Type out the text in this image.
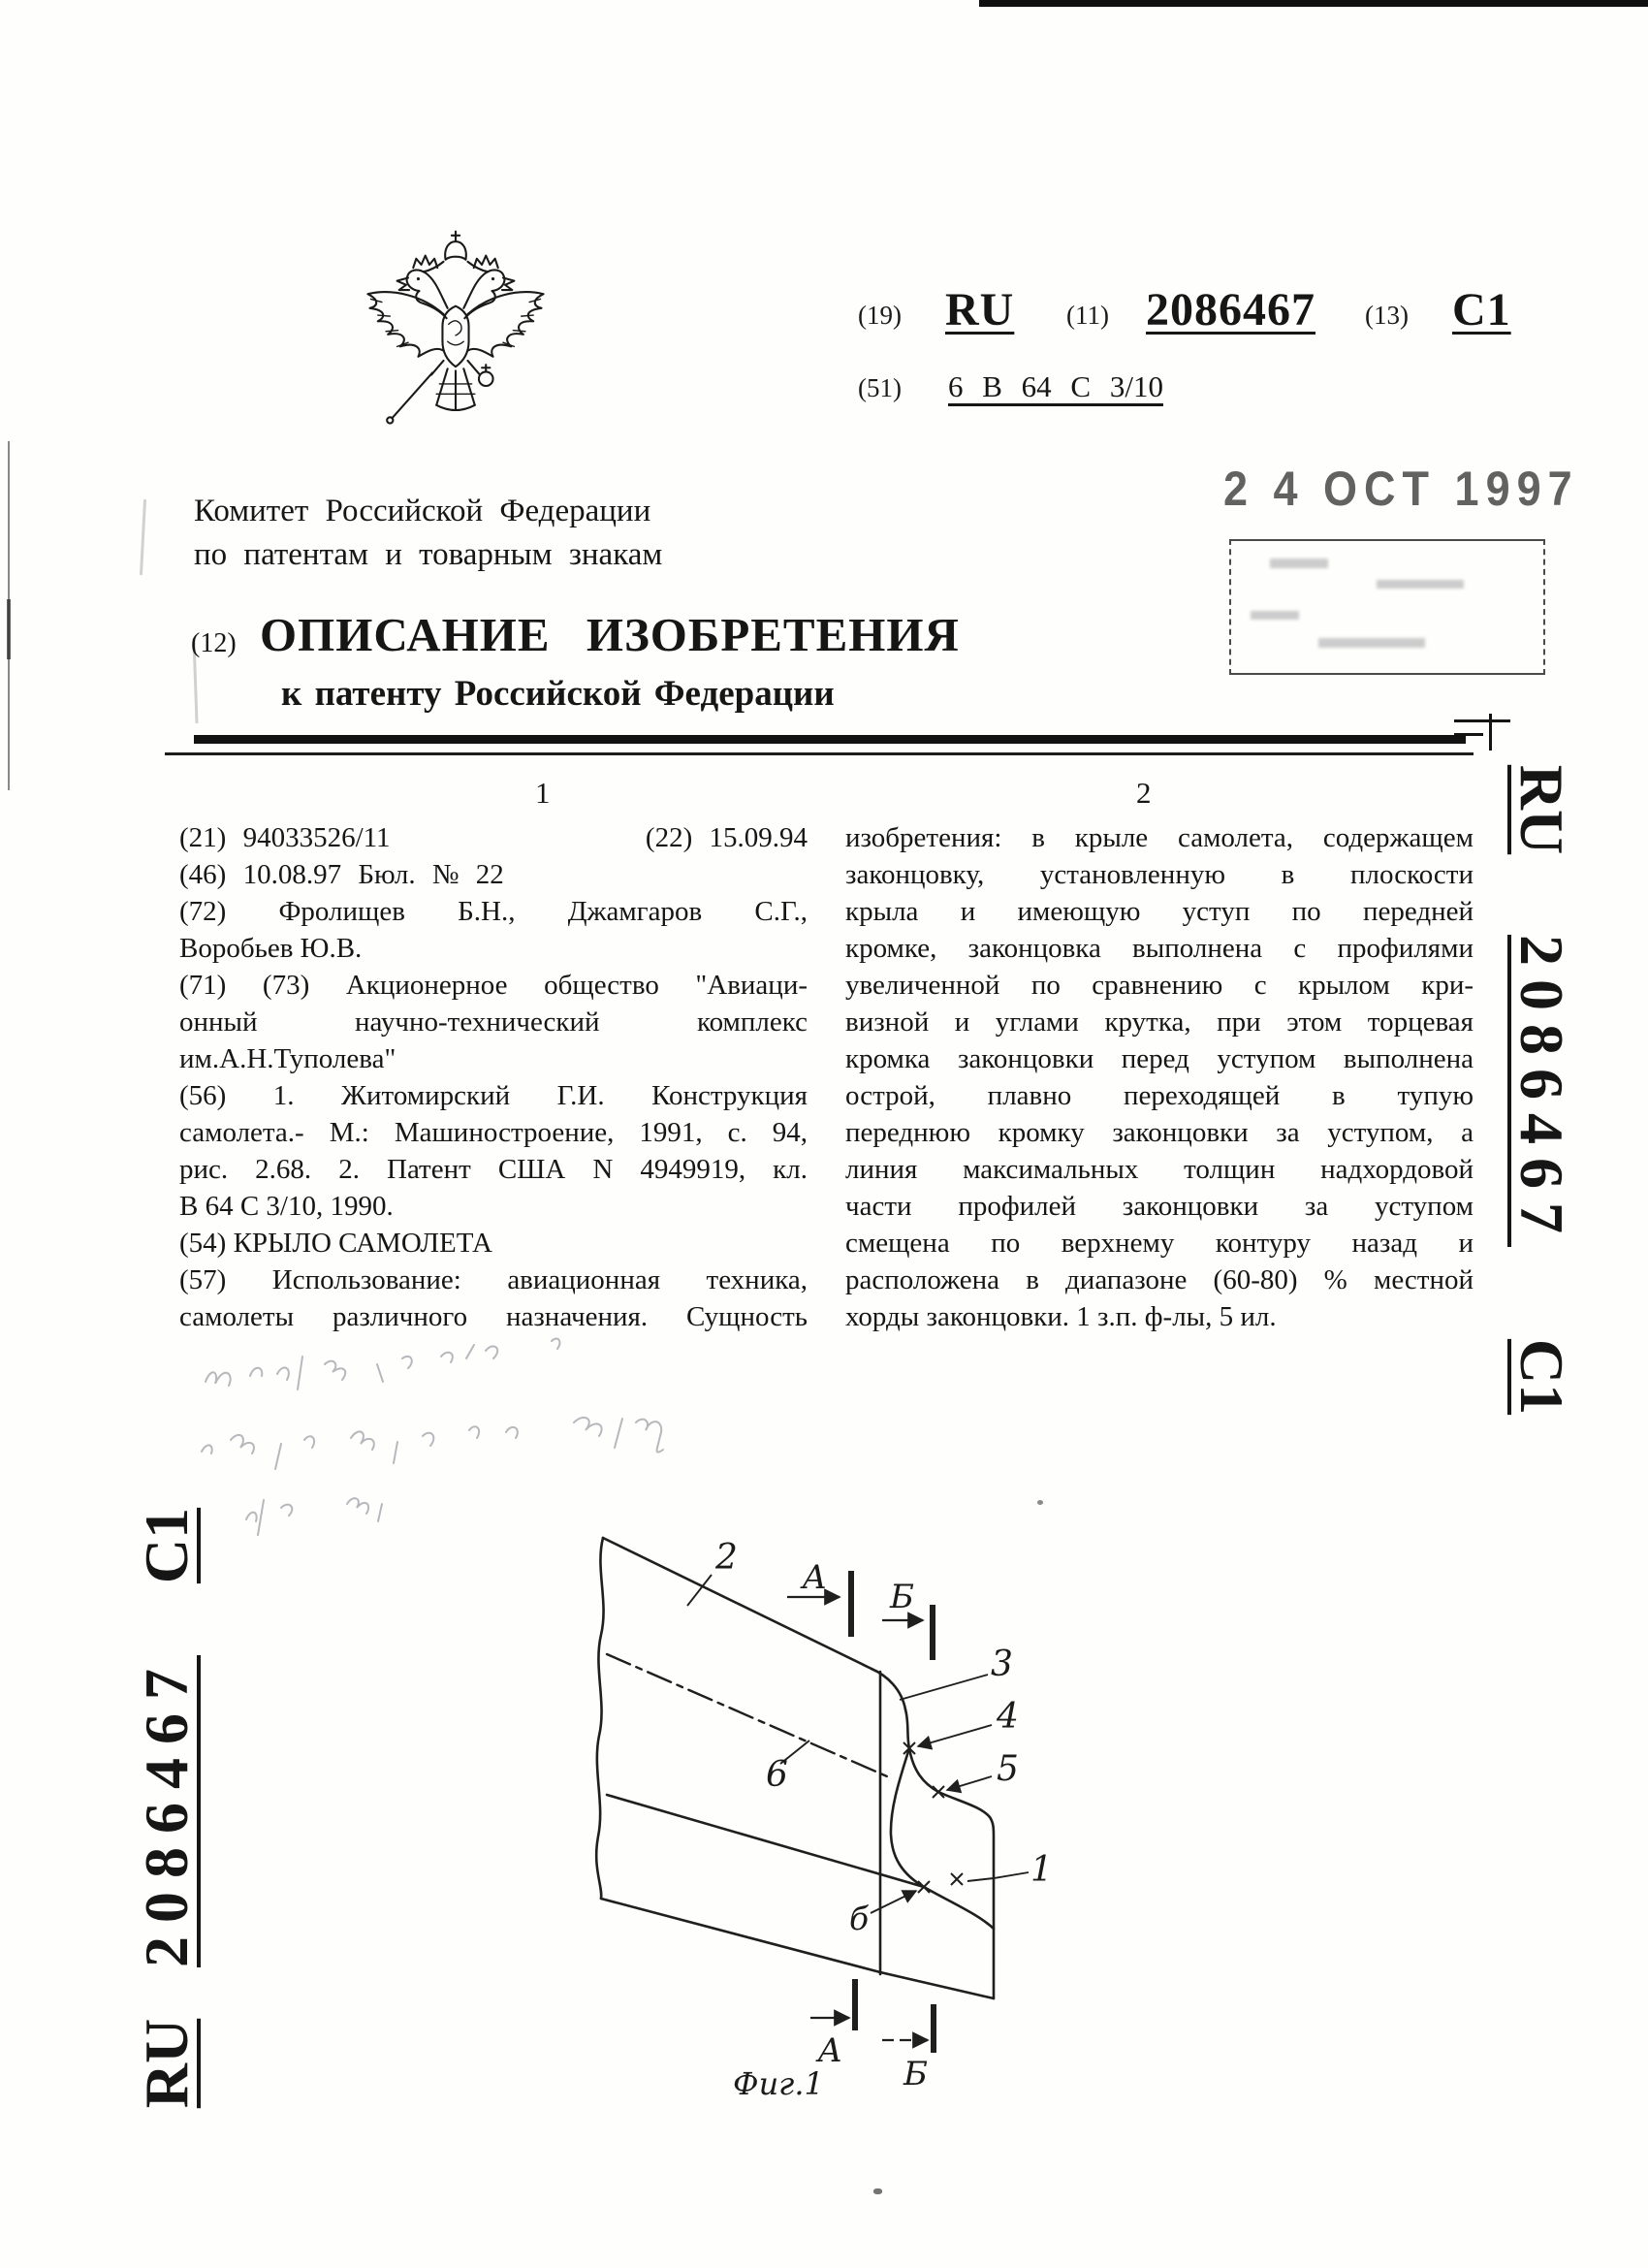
(19) RU (11) 2086467 (13) C1
(51) 6 В 64 С 3/10
2 4 OCT 1997
Комитет Российской Федерации
по патентам и товарным знакам
(12) ОПИСАНИЕ ИЗОБРЕТЕНИЯ
к патенту Российской Федерации
1	2
(21) 94033526/11	(22) 15.09.94
(46) 10.08.97 Бюл. № 22
(72) Фролищев Б.Н., Джамгаров С.Г.,
Воробьев Ю.В.
(71) (73) Акционерное общество "Авиаци-
онный научно-технический комплекс
им.А.Н.Туполева"
(56) 1. Житомирский Г.И. Конструкция
самолета.- М.: Машиностроение, 1991, с. 94,
рис. 2.68. 2. Патент США N 4949919, кл.
В 64 С 3/10, 1990.
(54) КРЫЛО САМОЛЕТА
(57) Использование: авиационная техника,
самолеты различного назначения. Сущность
изобретения: в крыле самолета, содержащем
законцовку, установленную в плоскости
крыла и имеющую уступ по передней
кромке, законцовка выполнена с профилями
увеличенной по сравнению с крылом кри-
визной и углами крутка, при этом торцевая
кромка законцовки перед уступом выполнена
острой, плавно переходящей в тупую
переднюю кромку законцовки за уступом, а
линия максимальных толщин надхордовой
части профилей законцовки за уступом
смещена по верхнему контуру назад и
расположена в диапазоне (60-80) % местной
хорды законцовки. 1 з.п. ф-лы, 5 ил.
RU
2086467
C1
C1
2086467
RU
2
3
4
5
1
6
б
A Б
A
Б
Фиг.1
